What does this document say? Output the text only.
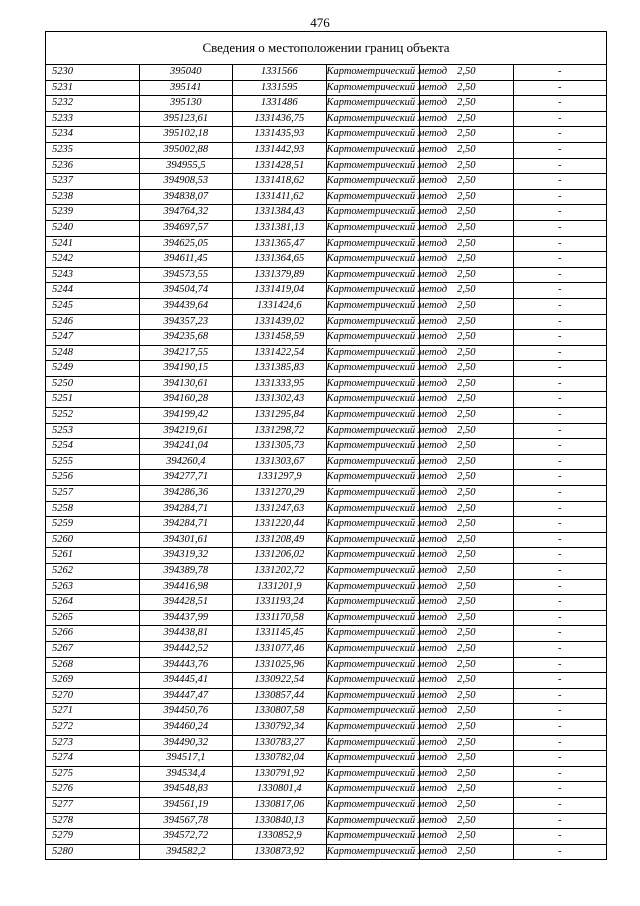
476
Сведения о местоположении границ объекта					
5230	395040	1331566	Картометрический метод	2,50	-
5231	395141	1331595	Картометрический метод	2,50	-
5232	395130	1331486	Картометрический метод	2,50	-
5233	395123,61	1331436,75	Картометрический метод	2,50	-
5234	395102,18	1331435,93	Картометрический метод	2,50	-
5235	395002,88	1331442,93	Картометрический метод	2,50	-
5236	394955,5	1331428,51	Картометрический метод	2,50	-
5237	394908,53	1331418,62	Картометрический метод	2,50	-
5238	394838,07	1331411,62	Картометрический метод	2,50	-
5239	394764,32	1331384,43	Картометрический метод	2,50	-
5240	394697,57	1331381,13	Картометрический метод	2,50	-
5241	394625,05	1331365,47	Картометрический метод	2,50	-
5242	394611,45	1331364,65	Картометрический метод	2,50	-
5243	394573,55	1331379,89	Картометрический метод	2,50	-
5244	394504,74	1331419,04	Картометрический метод	2,50	-
5245	394439,64	1331424,6	Картометрический метод	2,50	-
5246	394357,23	1331439,02	Картометрический метод	2,50	-
5247	394235,68	1331458,59	Картометрический метод	2,50	-
5248	394217,55	1331422,54	Картометрический метод	2,50	-
5249	394190,15	1331385,83	Картометрический метод	2,50	-
5250	394130,61	1331333,95	Картометрический метод	2,50	-
5251	394160,28	1331302,43	Картометрический метод	2,50	-
5252	394199,42	1331295,84	Картометрический метод	2,50	-
5253	394219,61	1331298,72	Картометрический метод	2,50	-
5254	394241,04	1331305,73	Картометрический метод	2,50	-
5255	394260,4	1331303,67	Картометрический метод	2,50	-
5256	394277,71	1331297,9	Картометрический метод	2,50	-
5257	394286,36	1331270,29	Картометрический метод	2,50	-
5258	394284,71	1331247,63	Картометрический метод	2,50	-
5259	394284,71	1331220,44	Картометрический метод	2,50	-
5260	394301,61	1331208,49	Картометрический метод	2,50	-
5261	394319,32	1331206,02	Картометрический метод	2,50	-
5262	394389,78	1331202,72	Картометрический метод	2,50	-
5263	394416,98	1331201,9	Картометрический метод	2,50	-
5264	394428,51	1331193,24	Картометрический метод	2,50	-
5265	394437,99	1331170,58	Картометрический метод	2,50	-
5266	394438,81	1331145,45	Картометрический метод	2,50	-
5267	394442,52	1331077,46	Картометрический метод	2,50	-
5268	394443,76	1331025,96	Картометрический метод	2,50	-
5269	394445,41	1330922,54	Картометрический метод	2,50	-
5270	394447,47	1330857,44	Картометрический метод	2,50	-
5271	394450,76	1330807,58	Картометрический метод	2,50	-
5272	394460,24	1330792,34	Картометрический метод	2,50	-
5273	394490,32	1330783,27	Картометрический метод	2,50	-
5274	394517,1	1330782,04	Картометрический метод	2,50	-
5275	394534,4	1330791,92	Картометрический метод	2,50	-
5276	394548,83	1330801,4	Картометрический метод	2,50	-
5277	394561,19	1330817,06	Картометрический метод	2,50	-
5278	394567,78	1330840,13	Картометрический метод	2,50	-
5279	394572,72	1330852,9	Картометрический метод	2,50	-
5280	394582,2	1330873,92	Картометрический метод	2,50	-
